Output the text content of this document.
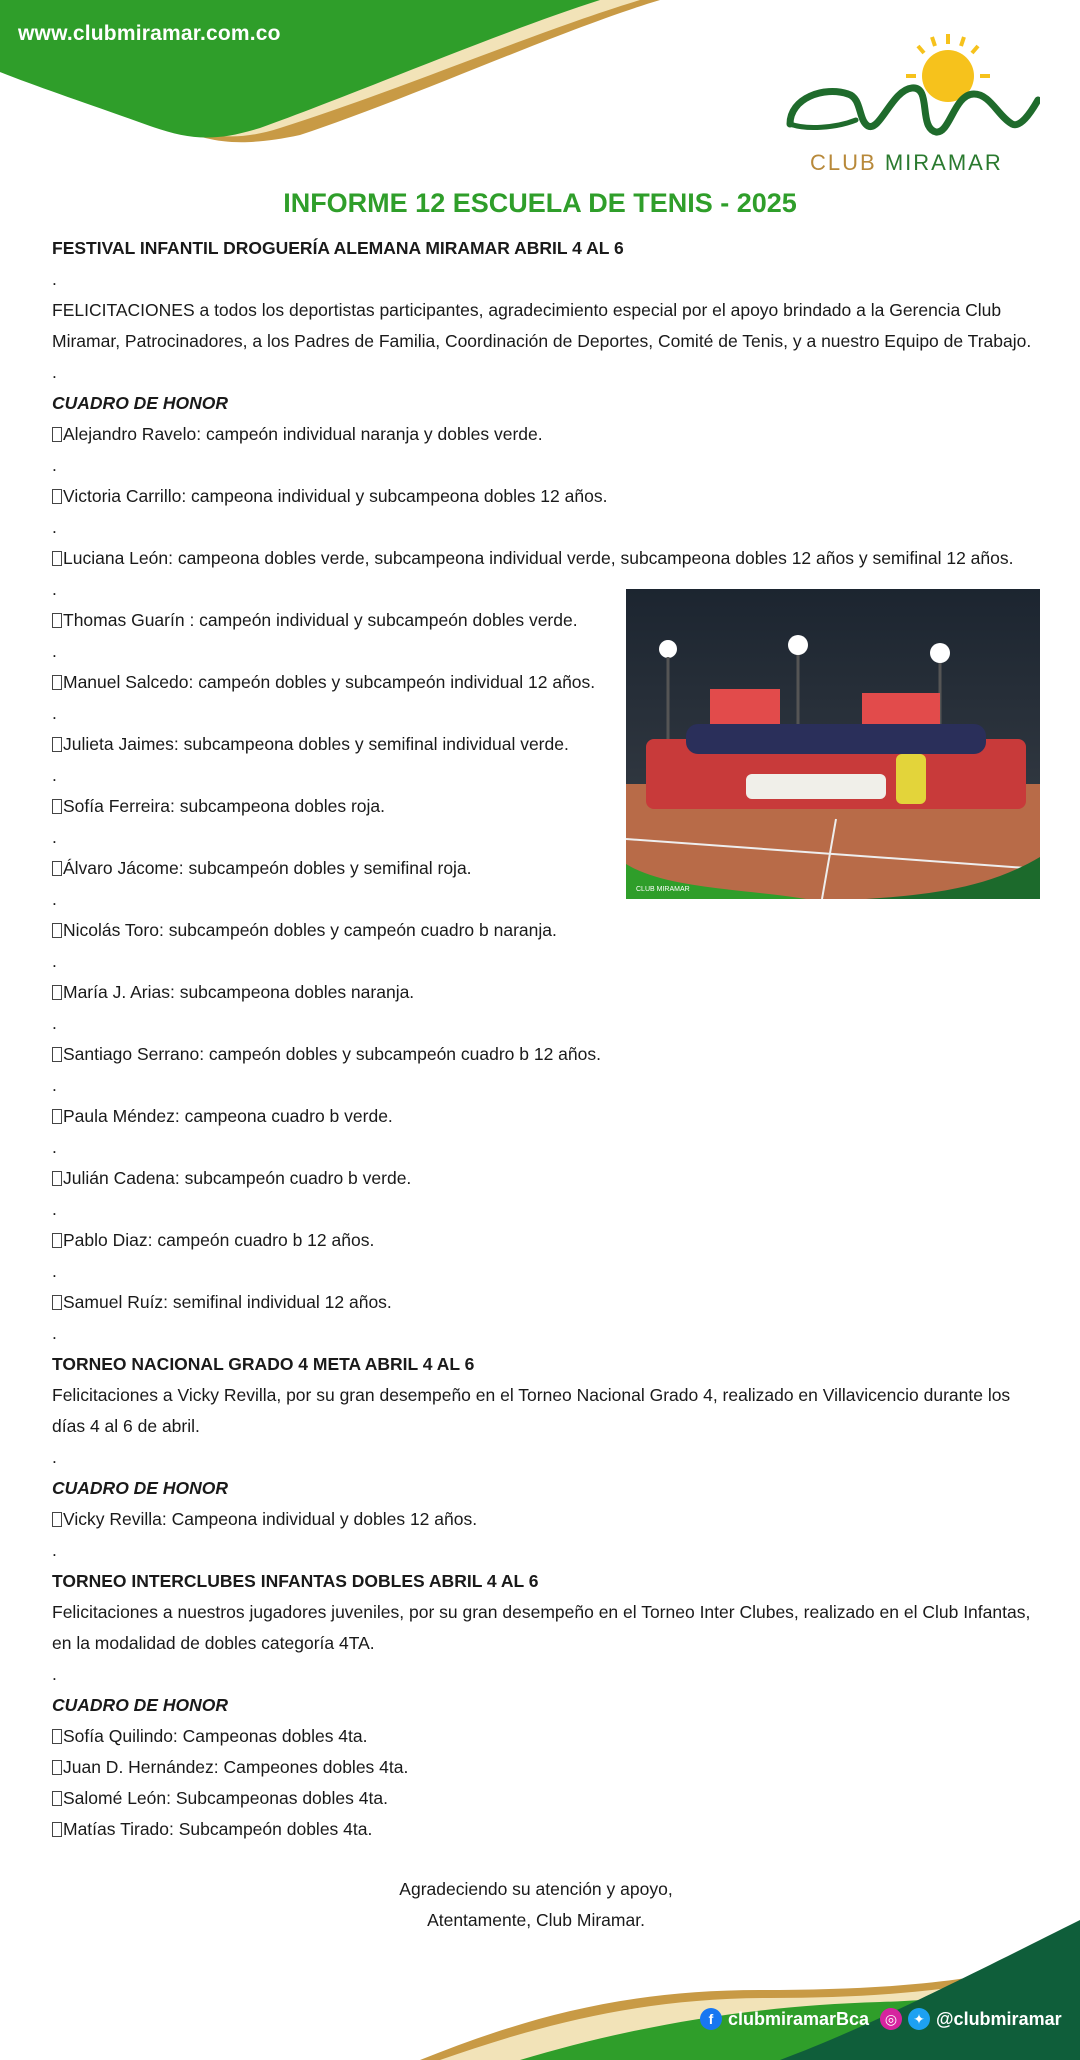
www.clubmiramar.com.co
CLUB MIRAMAR
INFORME 12 ESCUELA DE TENIS - 2025
FESTIVAL INFANTIL DROGUERÍA ALEMANA MIRAMAR ABRIL 4 AL 6
.
FELICITACIONES a todos los deportistas participantes, agradecimiento especial por el apoyo brindado a la Gerencia Club Miramar, Patrocinadores, a los Padres de Familia, Coordinación de Deportes, Comité de Tenis, y a nuestro Equipo de Trabajo.
.
CUADRO DE HONOR
Alejandro Ravelo: campeón individual naranja y dobles verde.
.
Victoria Carrillo: campeona individual y subcampeona dobles 12 años.
.
Luciana León: campeona dobles verde, subcampeona individual verde, subcampeona dobles 12 años y semifinal 12 años.
.
Thomas Guarín : campeón individual y subcampeón dobles verde.
.
Manuel Salcedo: campeón dobles y subcampeón individual 12 años.
.
Julieta Jaimes: subcampeona dobles y semifinal individual verde.
.
Sofía Ferreira: subcampeona dobles roja.
.
Álvaro Jácome: subcampeón dobles y semifinal roja.
.
Nicolás Toro: subcampeón dobles y campeón cuadro b naranja.
.
María J. Arias: subcampeona dobles naranja.
.
Santiago Serrano: campeón dobles y subcampeón cuadro b 12 años.
.
Paula Méndez: campeona cuadro b verde.
.
Julián Cadena: subcampeón cuadro b verde.
.
Pablo Diaz: campeón cuadro b 12 años.
.
Samuel Ruíz: semifinal individual 12 años.
.
TORNEO NACIONAL GRADO 4 META ABRIL 4 AL 6
Felicitaciones a Vicky Revilla, por su gran desempeño en el Torneo Nacional Grado 4, realizado en Villavicencio durante los días 4 al 6 de abril.
.
CUADRO DE HONOR
Vicky Revilla: Campeona individual y dobles 12 años.
.
TORNEO INTERCLUBES INFANTAS DOBLES ABRIL 4 AL 6
Felicitaciones a nuestros jugadores juveniles, por su gran desempeño en el Torneo Inter Clubes, realizado en el Club Infantas, en la modalidad de dobles categoría 4TA.
.
CUADRO DE HONOR
Sofía Quilindo: Campeonas dobles 4ta.
Juan D. Hernández: Campeones dobles 4ta.
Salomé León: Subcampeonas dobles 4ta.
Matías Tirado: Subcampeón dobles 4ta.
CLUB MIRAMAR
Agradeciendo su atención y apoyo,
Atentamente, Club Miramar.
f clubmiramarBca	◎	✦ @clubmiramar
